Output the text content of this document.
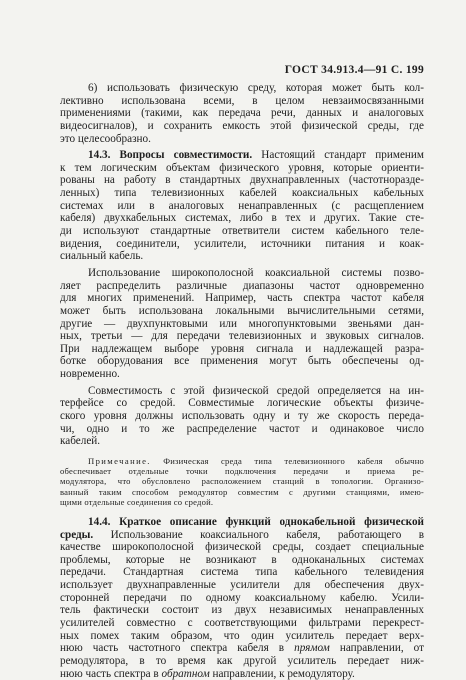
ГОСТ 34.913.4—91 С. 199
6) использовать физическую среду, которая может быть кол-
лективно использована всеми, в целом невзаимосвязанными
применениями (такими, как передача речи, данных и аналоговых
видеосигналов), и сохранить емкость этой физической среды, где
это целесообразно.
14.3. Вопросы совместимости. Настоящий стандарт применим
к тем логическим объектам физического уровня, которые ориенти-
рованы на работу в стандартных двухнаправленных (частотноразде-
ленных) типа телевизионных кабелей коаксиальных кабельных
системах или в аналоговых ненаправленных (с расщеплением
кабеля) двухкабельных системах, либо в тех и других. Такие сте-
ди используют стандартные ответвители систем кабельного теле-
видения, соединители, усилители, источники питания и коак-
сиальный кабель.
Использование широкополосной коаксиальной системы позво-
ляет распределить различные диапазоны частот одновременно
для многих применений. Например, часть спектра частот кабеля
может быть использована локальными вычислительными сетями,
другие — двухпунктовыми или многопунктовыми звеньями дан-
ных, третьи — для передачи телевизионных и звуковых сигналов.
При надлежащем выборе уровня сигнала и надлежащей разра-
ботке оборудования все применения могут быть обеспечены од-
новременно.
Совместимость с этой физической средой определяется на ин-
терфейсе со средой. Совместимые логические объекты физиче-
ского уровня должны использовать одну и ту же скорость переда-
чи, одно и то же распределение частот и одинаковое число
кабелей.
Примечание. Физическая среда типа телевизионного кабеля обычно
обеспечивает отдельные точки подключения передачи и приема ре-
модулятора, что обусловлено расположением станций в топологии. Организо-
ванный таким способом ремодулятор совместим с другими станциями, имею-
щими отдельные соединения со средой.
14.4. Краткое описание функций однокабельной физической
среды. Использование коаксиального кабеля, работающего в
качестве широкополосной физической среды, создает специальные
проблемы, которые не возникают в одноканальных системах
передачи. Стандартная система типа кабельного телевидения
использует двухнаправленные усилители для обеспечения двух-
сторонней передачи по одному коаксиальному кабелю. Усили-
тель фактически состоит из двух независимых ненаправленных
усилителей совместно с соответствующими фильтрами перекрест-
ных помех таким образом, что один усилитель передает верх-
нюю часть частотного спектра кабеля в прямом направлении, от
ремодулятора, в то время как другой усилитель передает ниж-
нюю часть спектра в обратном направлении, к ремодулятору.
